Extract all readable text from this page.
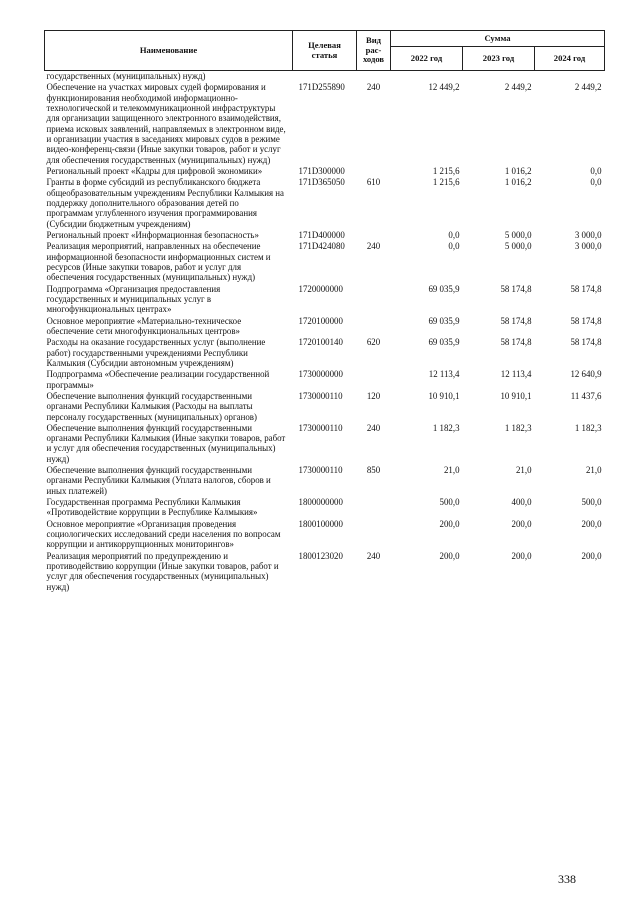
Наименование	Целевая статья	Вид рас-ходов	Сумма		
			2022 год	2023 год	2024 год
государственных (муниципальных) нужд)					
Обеспечение на участках мировых судей формирования и функционирования необходимой информационно-технологической и телекоммуникационной инфраструктуры для организации защищенного электронного взаимодействия, приема исковых заявлений, направляемых в электронном виде, и организации участия в заседаниях мировых судов в режиме видео-конференц-связи (Иные закупки товаров, работ и услуг для обеспечения государственных (муниципальных) нужд)	171D255890	240	12 449,2	2 449,2	2 449,2
Региональный проект «Кадры для цифровой экономики»	171D300000		1 215,6	1 016,2	0,0
Гранты в форме субсидий из республиканского бюджета общеобразовательным учреждениям Республики Калмыкия на поддержку дополнительного образования детей по программам углубленного изучения программирования (Субсидии бюджетным учреждениям)	171D365050	610	1 215,6	1 016,2	0,0
Региональный проект «Информационная безопасность»	171D400000		0,0	5 000,0	3 000,0
Реализация мероприятий, направленных на обеспечение информационной безопасности информационных систем и ресурсов (Иные закупки товаров, работ и услуг для обеспечения государственных (муниципальных) нужд)	171D424080	240	0,0	5 000,0	3 000,0
Подпрограмма «Организация предоставления государственных и муниципальных услуг в многофункциональных центрах»	1720000000		69 035,9	58 174,8	58 174,8
Основное мероприятие «Материально-техническое обеспечение сети многофункциональных центров»	1720100000		69 035,9	58 174,8	58 174,8
Расходы на оказание государственных услуг (выполнение работ) государственными учреждениями Республики Калмыкия (Субсидии автономным учреждениям)	1720100140	620	69 035,9	58 174,8	58 174,8
Подпрограмма «Обеспечение реализации государственной программы»	1730000000		12 113,4	12 113,4	12 640,9
Обеспечение выполнения функций государственными органами Республики Калмыкия (Расходы на выплаты персоналу государственных (муниципальных) органов)	1730000110	120	10 910,1	10 910,1	11 437,6
Обеспечение выполнения функций государственными органами Республики Калмыкия (Иные закупки товаров, работ и услуг для обеспечения государственных (муниципальных) нужд)	1730000110	240	1 182,3	1 182,3	1 182,3
Обеспечение выполнения функций государственными органами Республики Калмыкия (Уплата налогов, сборов и иных платежей)	1730000110	850	21,0	21,0	21,0
Государственная программа Республики Калмыкия «Противодействие коррупции в Республике Калмыкия»	1800000000		500,0	400,0	500,0
Основное мероприятие «Организация проведения социологических исследований среди населения по вопросам коррупции и антикоррупционных мониторингов»	1800100000		200,0	200,0	200,0
Реализация мероприятий по предупреждению и противодействию коррупции (Иные закупки товаров, работ и услуг для обеспечения государственных (муниципальных) нужд)	1800123020	240	200,0	200,0	200,0
338
